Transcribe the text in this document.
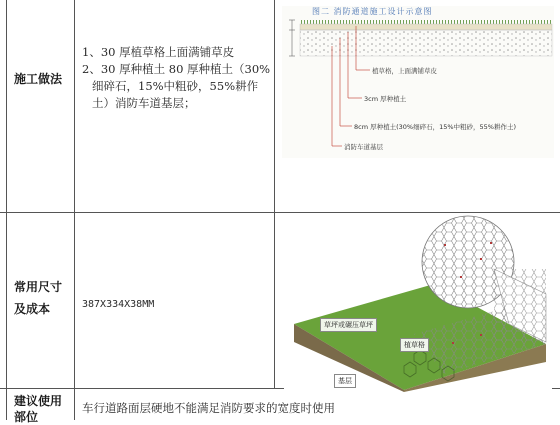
施工做法

1、30 厚植草格上面满铺草皮

2、30 厚种植土 80 厚种植土（30%

细碎石，15%中粗砂，55%耕作

土）消防车道基层；

图二 消防通道施工设计示意图
植草格，上面满铺草皮
3cm 厚种植土
8cm 厚种植土(30%细碎石，15%中粗砂，55%耕作土)
消防车道基层
常用尺寸
及成本	387X334X38MM
草坪或碾压草坪
植草格
基层
建议使用
部位
车行道路面层硬地不能满足消防要求的宽度时使用
